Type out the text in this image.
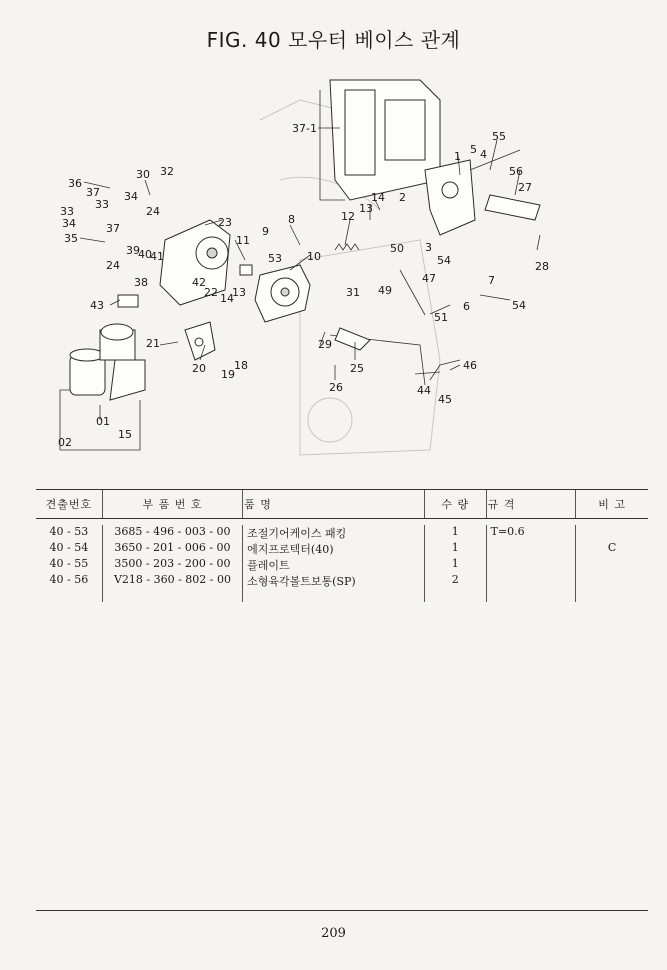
FIG. 40 모우터 베이스 관계
37-1
36
37 34
33
33
34	37
35
30 32
24
23
39
40
41
24
38	42
22
43
11
14
13
9
53
8	12
13
14
10
31
21
20 19
18
29
26
25
1
5 4
55
56
27
2
3
28
54
7
6	54
50
49
47
51
44
45
46
01
02
15
견출번호	부 품 번 호	품 명	수 량	규 격	비 고

40 - 53	3685 - 496 - 003 - 00	조절기어케이스 패킹	1	T=0.6	
40 - 54	3650 - 201 - 006 - 00	에지프로텍터(40)	1		C
40 - 55	3500 - 203 - 200 - 00	플레이트	1		
40 - 56	V218 - 360 - 802 - 00	소형육각볼트보통(SP)	2		

209
